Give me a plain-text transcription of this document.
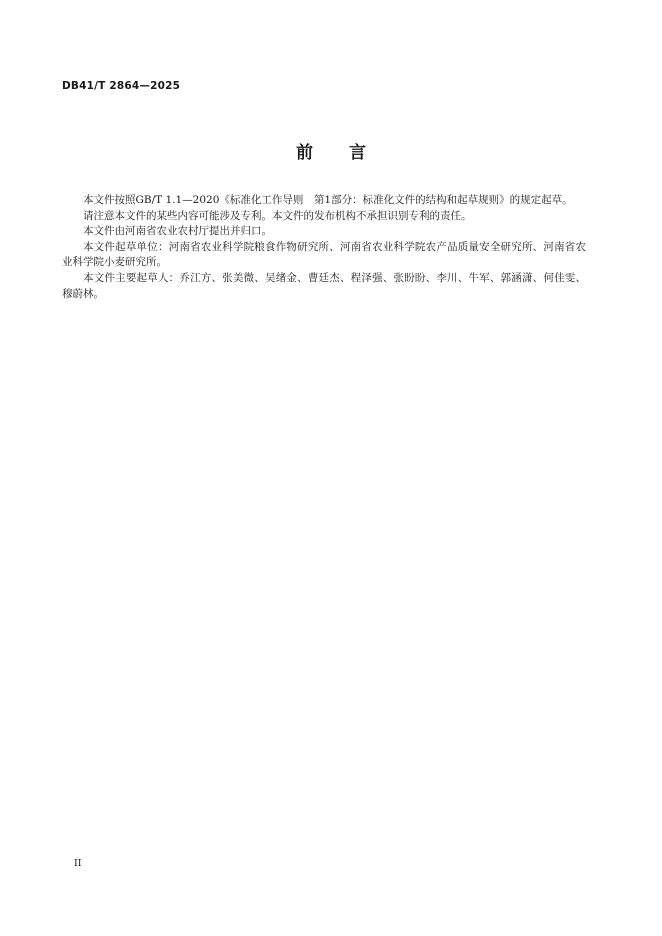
DB41/T 2864—2025
前言

本文件按照GB/T 1.1—2020《标准化工作导则　第1部分：标准化文件的结构和起草规则》的规定起草。

请注意本文件的某些内容可能涉及专利。本文件的发布机构不承担识别专利的责任。

本文件由河南省农业农村厅提出并归口。

本文件起草单位：河南省农业科学院粮食作物研究所、河南省农业科学院农产品质量安全研究所、河南省农业科学院小麦研究所。

本文件主要起草人：乔江方、张美微、吴绪金、曹廷杰、程泽强、张盼盼、李川、牛军、郭涵潇、何佳雯、穆蔚林。

II
